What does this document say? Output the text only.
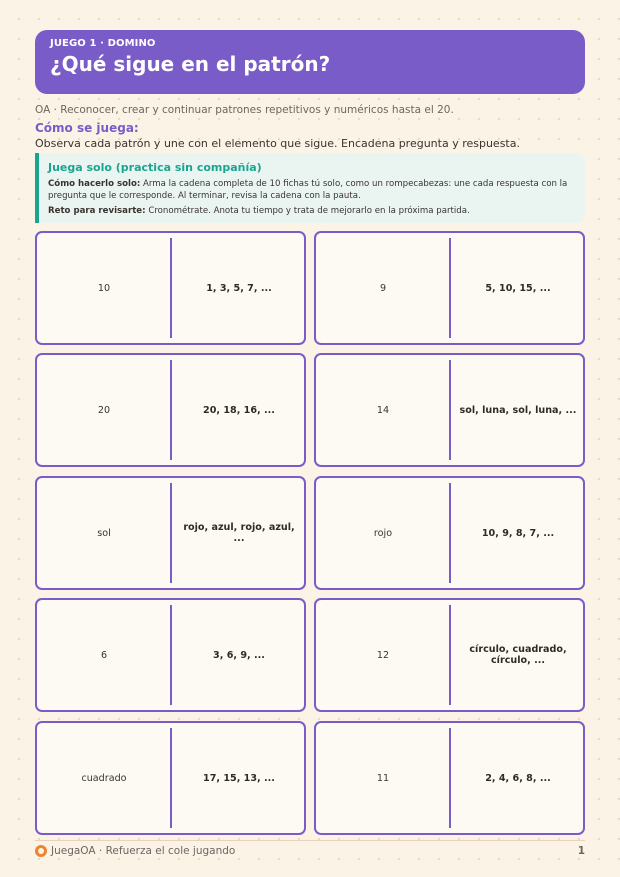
JUEGO 1 · DOMINO
¿Qué sigue en el patrón?
OA · Reconocer, crear y continuar patrones repetitivos y numéricos hasta el 20.
Cómo se juega:
Observa cada patrón y une con el elemento que sigue. Encadena pregunta y respuesta.
Juega solo (practica sin compañía)
Cómo hacerlo solo: Arma la cadena completa de 10 fichas tú solo, como un rompecabezas: une cada respuesta con la pregunta que le corresponde. Al terminar, revisa la cadena con la pauta.
Reto para revisarte: Cronométrate. Anota tu tiempo y trata de mejorarlo en la próxima partida.
10	1, 3, 5, 7, ...	9	5, 10, 15, ...
20	20, 18, 16, ...	14	sol, luna, sol, luna, ...
sol	rojo, azul, rojo, azul, ...	rojo	10, 9, 8, 7, ...
6	3, 6, 9, ...	12	círculo, cuadrado, círculo, ...
cuadrado	17, 15, 13, ...	11	2, 4, 6, 8, ...
JuegaOA · Refuerza el cole jugando	1
